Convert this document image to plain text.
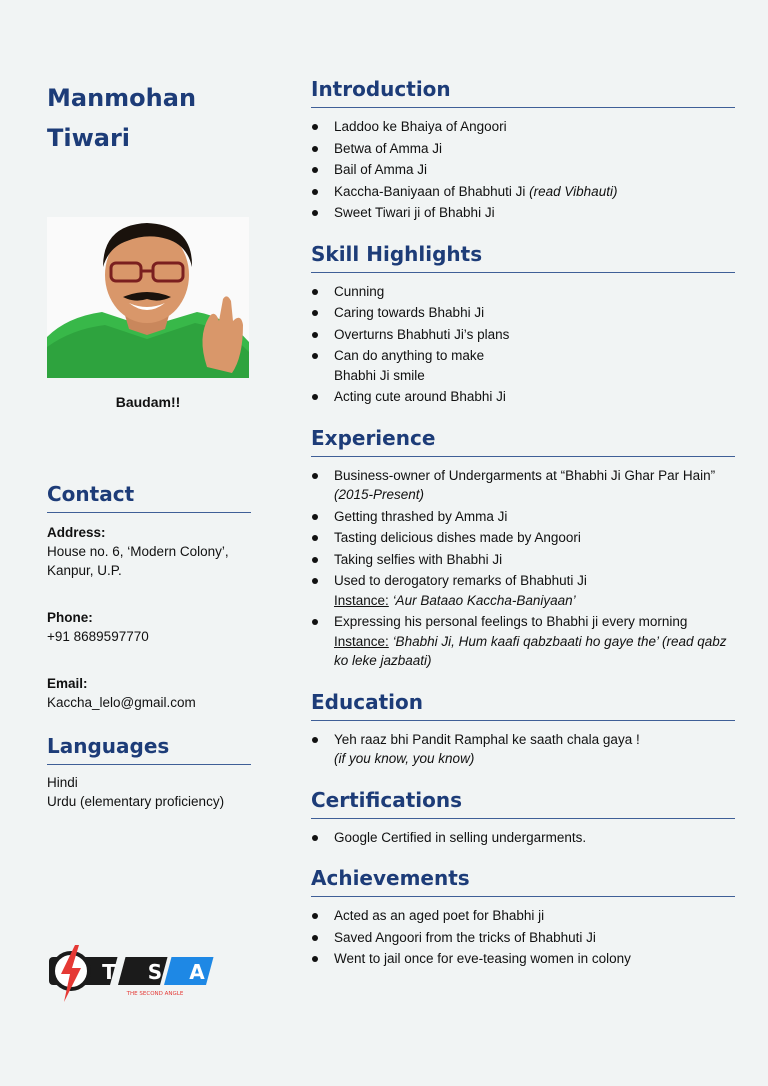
Manmohan
Tiwari
Baudam!!
Contact
Address:
House no. 6, ‘Modern Colony’,
Kanpur, U.P.
Phone:
+91 8689597770
Email:
Kaccha_lelo@gmail.com
Languages
Hindi
Urdu (elementary proficiency)
T S A
THE SECOND ANGLE
Introduction
Laddoo ke Bhaiya of Angoori
Betwa of Amma Ji
Bail of Amma Ji
Kaccha-Baniyaan of Bhabhuti Ji (read Vibhauti)
Sweet Tiwari ji of Bhabhi Ji
Skill Highlights
Cunning
Caring towards Bhabhi Ji
Overturns Bhabhuti Ji’s plans
Can do anything to make
Bhabhi Ji smile
Acting cute around Bhabhi Ji
Experience
Business-owner of Undergarments at “Bhabhi Ji Ghar Par Hain”
(2015-Present)
Getting thrashed by Amma Ji
Tasting delicious dishes made by Angoori
Taking selfies with Bhabhi Ji
Used to derogatory remarks of Bhabhuti Ji
Instance: ‘Aur Bataao Kaccha-Baniyaan’
Expressing his personal feelings to Bhabhi ji every morning
Instance: ‘Bhabhi Ji, Hum kaafi qabzbaati ho gaye the’ (read qabz ko leke jazbaati)
Education
Yeh raaz bhi Pandit Ramphal ke saath chala gaya !
(if you know, you know)
Certifications
Google Certified in selling undergarments.
Achievements
Acted as an aged poet for Bhabhi ji
Saved Angoori from the tricks of Bhabhuti Ji
Went to jail once for eve-teasing women in colony
